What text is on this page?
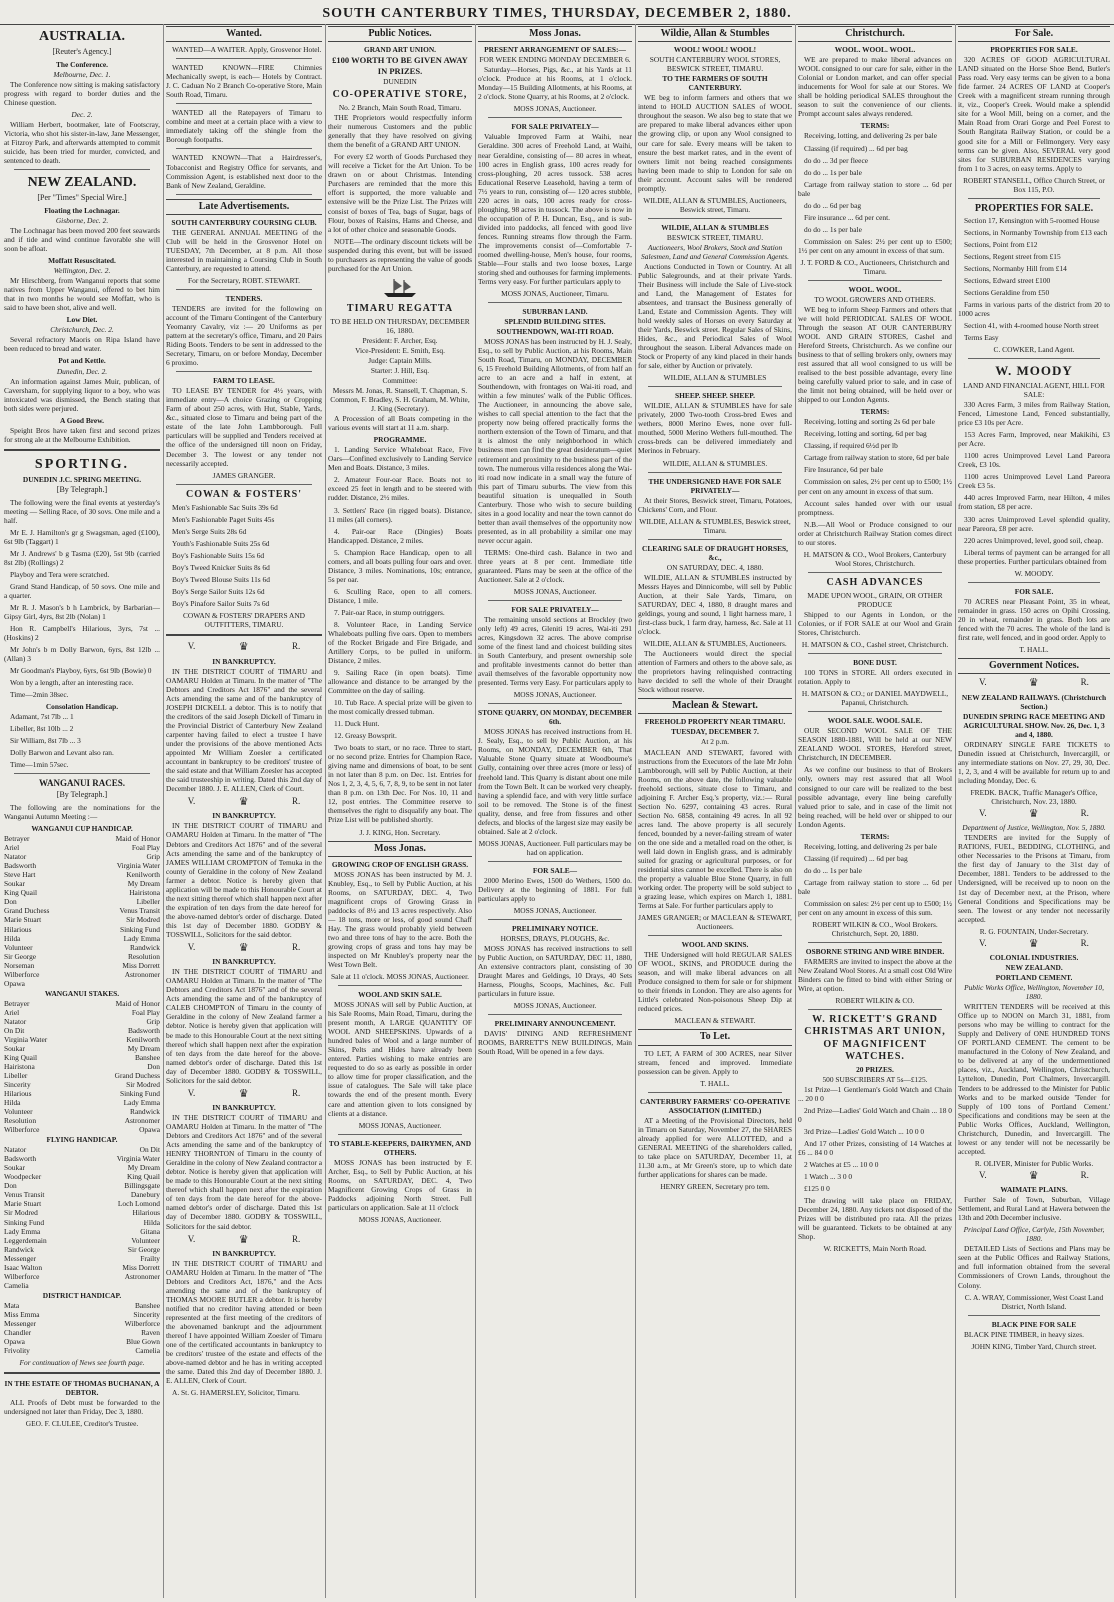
SOUTH CANTERBURY TIMES, THURSDAY, DECEMBER 2, 1880.
AUSTRALIA.
[Reuter's Agency.]
The Conference.
Melbourne, Dec. 1.
The Conference now sitting is making satisfactory progress with regard to border duties and the Chinese question.
Dec. 2.
William Herbert, bootmaker, late of Footscray, Victoria, who shot his sister-in-law, Jane Messenger, at Fitzroy Park, and afterwards attempted to commit suicide, has been tried for murder, convicted, and sentenced to death.
NEW ZEALAND.
[Per "Times" Special Wire.]
Floating the Lochnagar.
Gisborne, Dec. 2.
The Lochnagar has been moved 200 feet seawards and if tide and wind continue favorable she will soon be afloat.
Moffatt Resuscitated.
Wellington, Dec. 2.
Mr Hirschberg, from Wanganui reports that some natives from Upper Wanganui, offered to bet him that in two months he would see Moffatt, who is said to have been shot, alive and well.
Low Diet.
Christchurch, Dec. 2.
Several refractory Maoris on Ripa Island have been reduced to bread and water.
Pot and Kettle.
Dunedin, Dec. 2.
An information against James Muir, publican, of Caversham, for supplying liquor to a boy, who was intoxicated was dismissed, the Bench stating that both sides were perjured.
A Good Brew.
Speight Bros have taken first and second prizes for strong ale at the Melbourne Exhibition.
SPORTING.
DUNEDIN J.C. SPRING MEETING.
[By Telegraph.]
The following were the final events at yesterday's meeting — Selling Race, of 30 sovs. One mile and a half.
Mr E. J. Hamilton's gr g Swagsman, aged (£100), 6st 9lb (Taggart) 1
Mr J. Andrews' b g Tasma (£20), 5st 9lb (carried 8st 2lb) (Rollings) 2
Playboy and Tera were scratched.
Grand Stand Handicap, of 50 sovs. One mile and a quarter.
Mr R. J. Mason's b h Lambrick, by Barbarian—Gipsy Girl, 4yrs, 8st 2lb (Nolan) 1
Hon R. Campbell's Hilarious, 3yrs, 7st ... (Hoskins) 2
Mr John's b m Dolly Barwon, 6yrs, 8st 12lb ... (Allan) 3
Mr Goodman's Playboy, 6yrs, 6st 9lb (Bowie) 0
Won by a length, after an interesting race.
Time—2min 38sec.
Consolation Handicap.
Adamant, 7st 7lb ... 1
Libeller, 8st 10lb ... 2
Sir William, 8st 7lb ... 3
Dolly Barwon and Levant also ran.
Time—1min 57sec.
WANGANUI RACES.
[By Telegraph.]
The following are the nominations for the Wanganui Autumn Meeting :—
WANGANUI CUP HANDICAP.
Betrayer	Maid of Honor
Ariel	Foal Play
Natator	Grip
Badsworth	Virginia Water
Steve Hart	Kenilworth
Soukar	My Dream
King Quail	Hairistona
Don	Libeller
Grand Duchess	Venus Transit
Marie Stuart	Sir Modred
Hilarious	Sinking Fund
Hilda	Lady Emma
Volunteer	Randwick
Sir George	Resolution
Norseman	Miss Dorrett
Wilberforce	Astronomer
Opawa
WANGANUI STAKES.
Betrayer	Maid of Honor
Ariel	Foal Play
Natator	Grip
On Dit	Badsworth
Virginia Water	Kenilworth
Soukar	My Dream
King Quail	Banshee
Hairistona	Don
Libeller	Grand Duchess
Sincerity	Sir Modred
Hilarious	Sinking Fund
Hilda	Lady Emma
Volunteer	Randwick
Resolution	Astronomer
Wilberforce	Opawa
FLYING HANDICAP.
Natator	On Dit
Badsworth	Virginia Water
Soukar	My Dream
Woodpecker	King Quail
Don	Billingsgate
Venus Transit	Danebury
Marie Stuart	Loch Lomond
Sir Modred	Hilarious
Sinking Fund	Hilda
Lady Emma	Gitana
Leggerdemain	Volunteer
Randwick	Sir George
Messenger	Frailty
Isaac Walton	Miss Dorrett
Wilberforce	Astronomer
Camelia
DISTRICT HANDICAP.
Mata	Banshee
Miss Emma	Sincerity
Messenger	Wilberforce
Chandler	Raven
Opawa	Blue Gown
Frivolity	Camelia
For continuation of News see fourth page.
IN THE ESTATE OF THOMAS BUCHANAN, A DEBTOR.
ALL Proofs of Debt must be forwarded to the undersigned not later than Friday, Dec 3, 1880.
GEO. F. CLULEE, Creditor's Trustee.
Wanted.
WANTED—A WAITER. Apply, Grosvenor Hotel.
WANTED KNOWN—FIRE Chimnies Mechanically swept, is each— Hotels by Contract. J. C. Caduan No 2 Branch Co-operative Store, Main South Road, Timaru.
WANTED all the Ratepayers of Timaru to combine and meet at a certain place with a view to immediately taking off the shingle from the Borough footpaths.
WANTED KNOWN—That a Hairdresser's, Tobacconist and Registry Office for servants, and Commission Agent, is established next door to the Bank of New Zealand, Geraldine.
Late Advertisements.
SOUTH CANTERBURY COURSING CLUB.
THE GENERAL ANNUAL MEETING of the Club will be held in the Grosvenor Hotel on TUESDAY, 7th December, at 8 p.m. All those interested in maintaining a Coursing Club in South Canterbury, are requested to attend.
For the Secretary, ROBT. STEWART.
TENDERS.
TENDERS are invited for the following on account of the Timaru Contingent of the Canterbury Yeomanry Cavalry, viz :— 20 Uniforms as per pattern at the secretary's office, Timaru, and 20 Pairs Riding Boots. Tenders to be sent in addressed to the Secretary, Timaru, on or before Monday, December 6 proximo.
FARM TO LEASE.
TO LEASE BY TENDER for 4½ years, with immediate entry—A choice Grazing or Cropping Farm of about 250 acres, with Hut, Stable, Yards, &c., situated close to Timaru and being part of the estate of the late John Lambborough. Full particulars will be supplied and Tenders received at the office of the undersigned till noon on Friday, December 3. The lowest or any tender not necessarily accepted.
JAMES GRANGER.
COWAN & FOSTERS'
Men's Fashionable Sac Suits 39s 6d
Men's Fashionable Paget Suits 45s
Men's Serge Suits 28s 6d
Youth's Fashionable Suits 25s 6d
Boy's Fashionable Suits 15s 6d
Boy's Tweed Knicker Suits 8s 6d
Boy's Tweed Blouse Suits 11s 6d
Boy's Serge Sailor Suits 12s 6d
Boy's Pinafore Sailor Suits 7s 6d
COWAN & FOSTERS' DRAPERS AND OUTFITTERS, TIMARU.
V.	♛	R.
IN BANKRUPTCY.
IN THE DISTRICT COURT of TIMARU and OAMARU Holden at Timaru. In the matter of "The Debtors and Creditors Act 1876" and the several Acts amending the same and of the bankruptcy of JOSEPH DICKELL a debtor. This is to notify that the creditors of the said Joseph Dickell of Timaru in the Provincial District of Canterbury New Zealand carpenter having failed to elect a trustee I have under the provisions of the above mentioned Acts appointed Mr William Zoesler a certificated accountant in bankruptcy to be creditors' trustee of the said estate and that William Zoesler has accepted the said trusteeship in writing. Dated this 2nd day of December 1880. J. E. ALLEN, Clerk of Court.
V.	♛	R.
IN BANKRUPTCY.
IN THE DISTRICT COURT of TIMARU and OAMARU Holden at Timaru. In the matter of "The Debtors and Creditors Act 1876" and of the several Acts amending the same and of the bankruptcy of JAMES WILLIAM CROMPTON of Temuka in the county of Geraldine in the colony of New Zealand farmer a debtor. Notice is hereby given that application will be made to this Honourable Court at the next sitting thereof which shall happen next after the expiration of ten days from the date hereof for the above-named debtor's order of discharge. Dated this 1st day of December 1880. GODBY & TOSSWILL, Solicitors for the said debtor.
V.	♛	R.
IN BANKRUPTCY.
IN THE DISTRICT COURT of TIMARU and OAMARU Holden at Timaru. In the matter of "The Debtors and Creditors Act 1876" and of the several Acts amending the same and of the bankruptcy of CALEB CHOMPTON of Timaru in the county of Geraldine in the colony of New Zealand farmer a debtor. Notice is hereby given that application will be made to this Honourable Court at the next sitting thereof which shall happen next after the expiration of ten days from the date hereof for the above-named debtor's order of discharge. Dated this 1st day of December 1880. GODBY & TOSSWILL, Solicitors for the said debtor.
V.	♛	R.
IN BANKRUPTCY.
IN THE DISTRICT COURT of TIMARU and OAMARU Holden at Timaru. In the matter of "The Debtors and Creditors Act 1876" and of the several Acts amending the same and of the bankruptcy of HENRY THORNTON of Timaru in the county of Geraldine in the colony of New Zealand contractor a debtor. Notice is hereby given that application will be made to this Honourable Court at the next sitting thereof which shall happen next after the expiration of ten days from the date hereof for the above-named debtor's order of discharge. Dated this 1st day of December 1880. GODBY & TOSSWILL, Solicitors for the said debtor.
V.	♛	R.
IN BANKRUPTCY.
IN THE DISTRICT COURT of TIMARU and OAMARU Holden at Timaru. In the matter of "The Debtors and Creditors Act, 1876," and the Acts amending the same and of the bankruptcy of THOMAS MOORE BUTLER a debtor. It is hereby notified that no creditor having attended or been represented at the first meeting of the creditors of the abovenamed bankrupt and the adjournment thereof I have appointed William Zoesler of Timaru one of the certificated accountants in bankruptcy to be creditors' trustee of the estate and effects of the above-named debtor and he has in writing accepted the same. Dated this 2nd day of December 1880. J. E. ALLEN, Clerk of Court.
A. St. G. HAMERSLEY, Solicitor, Timaru.
Public Notices.
GRAND ART UNION.
£100 WORTH TO BE GIVEN AWAY IN PRIZES.
DUNEDIN
CO-OPERATIVE STORE,
No. 2 Branch, Main South Road, Timaru.
THE Proprietors would respectfully inform their numerous Customers and the public generally that they have resolved on giving them the benefit of a GRAND ART UNION.
For every £2 worth of Goods Purchased they will receive a Ticket for the Art Union. To be drawn on or about Christmas. Intending Purchasers are reminded that the more this effort is supported, the more valuable and extensive will be the Prize List. The Prizes will consist of boxes of Tea, bags of Sugar, bags of Flour, boxes of Raisins, Hams and Cheese, and a lot of other choice and seasonable Goods.
NOTE—The ordinary discount tickets will be suspended during this event, but will be issued to purchasers as representing the value of goods purchased for the Art Union.
TIMARU REGATTA
TO BE HELD ON THURSDAY, DECEMBER 16, 1880.
President: F. Archer, Esq.
Vice-President: E. Smith, Esq.
Judge: Captain Mills.
Starter: J. Hill, Esq.
Committee:
Messrs M. Jonas, R. Stansell, T. Chapman, S. Common, F. Bradley, S. H. Graham, M. White, J. King (Secretary).
A Procession of all Boats competing in the various events will start at 11 a.m. sharp.
PROGRAMME.
1. Landing Service Whaleboat Race, Five Oars—Confined exclusively to Landing Service Men and Boats. Distance, 3 miles.
2. Amateur Four-oar Race. Boats not to exceed 25 feet in length and to be steered with rudder. Distance, 2½ miles.
3. Settlers' Race (in rigged boats). Distance, 11 miles (all corners).
4. Pair-oar Race (Dingies) Boats Handicapped. Distance, 2 miles.
5. Champion Race Handicap, open to all comers, and all boats pulling four oars and over. Distance, 3 miles. Nominations, 10s; entrance, 5s per oar.
6. Sculling Race, open to all comers. Distance, 1 mile.
7. Pair-oar Race, in stump outriggers.
8. Volunteer Race, in Landing Service Whaleboats pulling five oars. Open to members of the Rocket Brigade and Fire Brigade, and Artillery Corps, to be pulled in uniform. Distance, 2 miles.
9. Sailing Race (in open boats). Time allowance and distance to be arranged by the Committee on the day of sailing.
10. Tub Race. A special prize will be given to the most comically dressed tubman.
11. Duck Hunt.
12. Greasy Bowsprit.
Two boats to start, or no race. Three to start, or no second prize. Entries for Champion Race, giving name and dimensions of boat, to be sent in not later than 8 p.m. on Dec. 1st. Entries for Nos 1, 2, 3, 4, 5, 6, 7, 8, 9, to be sent in not later than 8 p.m. on 13th Dec. For Nos. 10, 11 and 12, post entries. The Committee reserve to themselves the right to disqualify any boat. The Prize List will be published shortly.
J. J. KING, Hon. Secretary.
Moss Jonas.
GROWING CROP OF ENGLISH GRASS.
MOSS JONAS has been instructed by M. J. Knubley, Esq., to Sell by Public Auction, at his Rooms, on SATURDAY, DEC. 4, Two magnificent crops of Growing Grass in paddocks of 8½ and 13 acres respectively. Also— 18 tons, more or less, of good sound Chaff Hay. The grass would probably yield between two and three tons of hay to the acre. Both the growing crops of grass and tons hay may be inspected on Mr Knubley's property near the West Town Belt.
Sale at 11 o'clock. MOSS JONAS, Auctioneer.
WOOL AND SKIN SALE.
MOSS JONAS will sell by Public Auction, at his Sale Rooms, Main Road, Timaru, during the present month, A LARGE QUANTITY OF WOOL AND SHEEPSKINS. Upwards of a hundred bales of Wool and a large number of Skins, Pelts and Hides have already been entered. Parties wishing to make entries are requested to do so as early as possible in order to allow time for proper classification, and the issue of catalogues. The Sale will take place towards the end of the present month. Every care and attention given to lots consigned by clients at a distance.
MOSS JONAS, Auctioneer.
TO STABLE-KEEPERS, DAIRYMEN, AND OTHERS.
MOSS JONAS has been instructed by F. Archer, Esq., to Sell by Public Auction, at his Rooms, on SATURDAY, DEC. 4, Two Magnificent Growing Crops of Grass in Paddocks adjoining North Street. Full particulars on application. Sale at 11 o'clock
MOSS JONAS, Auctioneer.
Moss Jonas.
PRESENT ARRANGEMENT OF SALES:—
FOR WEEK ENDING MONDAY DECEMBER 6.
Saturday—Horses, Pigs, &c., at his Yards at 11 o'clock. Produce at his Rooms, at 1 o'clock. Monday—15 Building Allotments, at his Rooms, at 2 o'clock. Stone Quarry, at his Rooms, at 2 o'clock.
MOSS JONAS, Auctioneer.
FOR SALE PRIVATELY—
Valuable Improved Farm at Waihi, near Geraldine. 300 acres of Freehold Land, at Waihi, near Geraldine, consisting of— 80 acres in wheat, 100 acres in English grass, 100 acres ready for cross-ploughing, 20 acres tussock. 538 acres Educational Reserve Leasehold, having a term of 7½ years to run, consisting of— 120 acres stubble, 220 acres in oats, 100 acres ready for cross-ploughing, 98 acres in tussock. The above is now in the occupation of P. H. Duncan, Esq., and is sub-divided into paddocks, all fenced with good live fences. Running streams flow through the Farm. The improvements consist of—Comfortable 7-roomed dwelling-house, Men's house, four rooms, Stable—Four stalls and two loose boxes, Large storing shed and outhouses for farming implements. Terms very easy. For further particulars apply to
MOSS JONAS, Auctioneer, Timaru.
SUBURBAN LAND.
SPLENDID BUILDING SITES.
SOUTHENDOWN, WAI-ITI ROAD.
MOSS JONAS has been instructed by H. J. Sealy, Esq., to sell by Public Auction, at his Rooms, Main South Road, Timaru, on MONDAY, DECEMBER 6, 15 Freehold Building Allotments, of from half an acre to an acre and a half in extent, at Southendown, with frontages on Wai-iti road, and within a few minutes' walk of the Public Offices. The Auctioneer, in announcing the above sale, wishes to call special attention to the fact that the property now being offered practically forms the northern extension of the Town of Timaru, and that it is almost the only neighborhood in which business men can find the great desideratum—quiet retirement and proximity to the business part of the town. The numerous villa residences along the Wai-iti road now indicate in a small way the future of this part of Timaru suburbs. The view from this beautiful situation is unequalled in South Canterbury. Those who wish to secure building sites in a good locality and near the town cannot do better than avail themselves of the opportunity now presented, as in all probability a similar one may never occur again.
TERMS: One-third cash. Balance in two and three years at 8 per cent. Immediate title guaranteed. Plans may be seen at the office of the Auctioneer. Sale at 2 o'clock.
MOSS JONAS, Auctioneer.
FOR SALE PRIVATELY—
The remaining unsold sections at Brockley (two only left) 49 acres, Gleniti 19 acres, Wai-iti 291 acres, Kingsdown 32 acres. The above comprise some of the finest land and choicest building sites in South Canterbury, and present ownership sole and profitable investments cannot do better than avail themselves of the favorable opportunity now presented. Terms very Easy. For particulars apply to
MOSS JONAS, Auctioneer.
STONE QUARRY, ON MONDAY, DECEMBER 6th.
MOSS JONAS has received instructions from H. J. Sealy, Esq., to sell by Public Auction, at his Rooms, on MONDAY, DECEMBER 6th, That Valuable Stone Quarry situate at Woodbourne's Gully, containing over three acres (more or less) of freehold land. This Quarry is distant about one mile from the Town Belt. It can be worked very cheaply, having a splendid face, and with very little surface soil to be removed. The Stone is of the finest quality, dense, and free from fissures and other defects, and blocks of the largest size may easily be obtained. Sale at 2 o'clock.
MOSS JONAS, Auctioneer. Full particulars may be had on application.
FOR SALE—
2000 Merino Ewes, 1500 do Wethers, 1500 do. Delivery at the beginning of 1881. For full particulars apply to
MOSS JONAS, Auctioneer.
PRELIMINARY NOTICE.
HORSES, DRAYS, PLOUGHS, &c.
MOSS JONAS has received instructions to sell by Public Auction, on SATURDAY, DEC 11, 1880, An extensive contractors plant, consisting of 30 Draught Mares and Geldings, 10 Drays, 40 Sets Harness, Ploughs, Scoops, Machines, &c. Full particulars in future issue.
MOSS JONAS, Auctioneer.
PRELIMINARY ANNOUNCEMENT.
DAVIS' DINING AND REFRESHMENT ROOMS, BARRETT'S NEW BUILDINGS, Main South Road, Will be opened in a few days.
Wildie, Allan & Stumbles
WOOL! WOOL! WOOL!
SOUTH CANTERBURY WOOL STORES, BESWICK STREET, TIMARU.
TO THE FARMERS OF SOUTH CANTERBURY.
WE beg to inform farmers and others that we intend to HOLD AUCTION SALES of WOOL throughout the season. We also beg to state that we are prepared to make liberal advances either upon the growing clip, or upon any Wool consigned to our care for sale. Every means will be taken to ensure the best market rates, and in the event of owners limit not being reached consignments having been made to ship to London for sale on their account. Account sales will be rendered promptly.
WILDIE, ALLAN & STUMBLES, Auctioneers, Beswick street, Timaru.
WILDIE, ALLAN & STUMBLES
BESWICK STREET, TIMARU.
Auctioneers, Wool Brokers, Stock and Station Salesmen, Land and General Commission Agents.
Auctions Conducted in Town or Country. At all Public Salegrounds, and at their private Yards. Their Business will include the Sale of Live-stock and Land, the Management of Estates for absentees, and transact the Business generally of Land, Estate and Commission Agents. They will hold weekly sales of Horses on every Saturday at their Yards, Beswick street. Regular Sales of Skins, Hides, &c., and Periodical Sales of Wool throughout the season. Liberal Advances made on Stock or Property of any kind placed in their hands for sale, either by Auction or privately.
WILDIE, ALLAN & STUMBLES
SHEEP. SHEEP. SHEEP.
WILDIE, ALLAN & STUMBLES have for sale privately, 2000 Two-tooth Cross-bred Ewes and wethers, 8000 Merino Ewes, none over full-mouthed, 5000 Merino Wethers full-mouthed. The cross-breds can be delivered immediately and Merinos in February.
WILDIE, ALLAN & STUMBLES.
THE UNDERSIGNED HAVE FOR SALE PRIVATELY—
At their Stores, Beswick street, Timaru, Potatoes, Chickens' Corn, and Flour.
WILDIE, ALLAN & STUMBLES, Beswick street, Timaru.
CLEARING SALE OF DRAUGHT HORSES, &c.,
ON SATURDAY, DEC. 4, 1880.
WILDIE, ALLAN & STUMBLES instructed by Messrs Hayes and Dinnicombe, will sell by Public Auction, at their Sale Yards, Timaru, on SATURDAY, DEC 4, 1880, 8 draught mares and geldings, young and sound, 1 light harness mare, 1 first-class buck, 1 farm dray, harness, &c. Sale at 11 o'clock.
WILDIE, ALLAN & STUMBLES, Auctioneers.
The Auctioneers would direct the special attention of Farmers and others to the above sale, as the proprietors having relinquished contracting have decided to sell the whole of their Draught Stock without reserve.
Maclean & Stewart.
FREEHOLD PROPERTY NEAR TIMARU.
TUESDAY, DECEMBER 7.
At 2 p.m.
MACLEAN AND STEWART, favored with instructions from the Executors of the late Mr John Lambborough, will sell by Public Auction, at their Rooms, on the above date, the following valuable freehold sections, situate close to Timaru, and adjoining F. Archer Esq.'s property, viz.:— Rural Section No. 6297, containing 43 acres. Rural Section No. 6858, containing 49 acres. In all 92 acres land. The above property is all securely fenced, bounded by a never-failing stream of water on the one side and a metalled road on the other, is well laid down in English grass, and is admirably suited for grazing or agricultural purposes, or for residential sites cannot be excelled. There is also on the property a valuable Blue Stone Quarry, in full working order. The property will be sold subject to a grazing lease, which expires on March 1, 1881. Terms at Sale. For further particulars apply to
JAMES GRANGER; or MACLEAN & STEWART, Auctioneers.
WOOL AND SKINS.
THE Undersigned will hold REGULAR SALES OF WOOL, SKINS, and PRODUCE during the season, and will make liberal advances on all Produce consigned to them for sale or for shipment to their friends in London. They are also agents for Little's celebrated Non-poisonous Sheep Dip at reduced prices.
MACLEAN & STEWART.
To Let.
TO LET, A FARM of 300 ACRES, near Silver stream, fenced and improved. Immediate possession can be given. Apply to
T. HALL.
CANTERBURY FARMERS' CO-OPERATIVE ASSOCIATION (LIMITED.)
AT a Meeting of the Provisional Directors, held in Timaru on Saturday, November 27, the SHARES already applied for were ALLOTTED, and a GENERAL MEETING of the shareholders called, to take place on SATURDAY, December 11, at 11.30 a.m., at Mr Green's store, up to which date further applications for shares can be made.
HENRY GREEN, Secretary pro tem.
Christchurch.
WOOL. WOOL. WOOL.
WE are prepared to make liberal advances on WOOL consigned to our care for sale, either in the Colonial or London market, and can offer special inducements for Wool for sale at our Stores. We shall be holding periodical SALES throughout the season to suit the convenience of our clients. Prompt account sales always rendered.
TERMS:
Receiving, lotting, and delivering 2s per bale
Classing (if required) ... 6d per bag
do do ... 3d per fleece
do do ... 1s per bale
Cartage from railway station to store ... 6d per bale
do do ... 6d per bag
Fire insurance ... 6d per cent.
do do ... 1s per bale
Commission on Sales: 2½ per cent up to £500; 1½ per cent on any amount in excess of that sum.
J. T. FORD & CO., Auctioneers, Christchurch and Timaru.
WOOL. WOOL.
TO WOOL GROWERS AND OTHERS.
WE beg to inform Sheep Farmers and others that we will hold PERIODICAL SALES OF WOOL Through the season AT OUR CANTERBURY WOOL AND GRAIN STORES, Cashel and Hereford Streets, Christchurch. As we confine our business to that of selling brokers only, owners may rest assured that all wool consigned to us will be realised to the best possible advantage, every line being carefully valued prior to sale, and in case of the limit not being obtained, will be held over or shipped to our London Agents.
TERMS:
Receiving, lotting and sorting 2s 6d per bale
Receiving, lotting and sorting, 6d per bag
Classing, if required 6½d per lb
Cartage from railway station to store, 6d per bale
Fire Insurance, 6d per bale
Commission on sales, 2½ per cent up to £500; 1½ per cent on any amount in excess of that sum.
Account sales handed over with our usual promptness.
N.B.—All Wool or Produce consigned to our order at Christchurch Railway Station comes direct to our stores.
H. MATSON & CO., Wool Brokers, Canterbury Wool Stores, Christchurch.
CASH ADVANCES
MADE UPON WOOL, GRAIN, OR OTHER PRODUCE
Shipped to our Agents in London, or the Colonies, or if FOR SALE at our Wool and Grain Stores, Christchurch.
H. MATSON & CO., Cashel street, Christchurch.
BONE DUST.
100 TONS in STORE. All orders executed in rotation. Apply to
H. MATSON & CO.; or DANIEL MAYDWELL, Papanui, Christchurch.
WOOL SALE. WOOL SALE.
OUR SECOND WOOL SALE OF THE SEASON 1880-1881, Will be held at our NEW ZEALAND WOOL STORES, Hereford street, Christchurch, IN DECEMBER.
As we confine our business to that of Brokers only, owners may rest assured that all Wool consigned to our care will be realized to the best possible advantage, every line being carefully valued prior to sale, and in case of the limit not being reached, will be held over or shipped to our London Agents.
TERMS:
Receiving, lotting, and delivering 2s per bale
Classing (if required) ... 6d per bag
do do ... 1s per bale
Cartage from railway station to store ... 6d per bale
Commission on sales: 2½ per cent up to £500; 1½ per cent on any amount in excess of this sum.
ROBERT WILKIN & CO., Wool Brokers. Christchurch, Sept. 20, 1880.
OSBORNE STRING AND WIRE BINDER.
FARMERS are invited to inspect the above at the New Zealand Wool Stores. At a small cost Old Wire Binders can be fitted to bind with either String or Wire, at option.
ROBERT WILKIN & CO.
W. RICKETT'S GRAND CHRISTMAS ART UNION, OF MAGNIFICENT WATCHES.
20 PRIZES.
500 SUBSCRIBERS AT 5s—£125.
1st Prize—1 Gentleman's Gold Watch and Chain ... 20 0 0
2nd Prize—Ladies' Gold Watch and Chain ... 18 0 0
3rd Prize—Ladies' Gold Watch ... 10 0 0
And 17 other Prizes, consisting of 14 Watches at £6 ... 84 0 0
2 Watches at £5 ... 10 0 0
1 Watch ... 3 0 0
£125 0 0
The drawing will take place on FRIDAY, December 24, 1880. Any tickets not disposed of the Prizes will be distributed pro rata. All the prizes will be guaranteed. Tickets to be obtained at any Shop.
W. RICKETTS, Main North Road.
For Sale.
PROPERTIES FOR SALE.
320 ACRES OF GOOD AGRICULTURAL LAND situated on the Horse Shoe Bend, Butler's Pass road. Very easy terms can be given to a bona fide farmer. 24 ACRES OF LAND at Cooper's Creek with a magnificent stream running through it, viz., Cooper's Creek. Would make a splendid site for a Wool Mill, being on a corner, and the Main Road from Orari Gorge and Peel Forest to South Rangitata Railway Station, or could be a good site for a Mill or Fellmongery. Very easy terms can be given. Also, SEVERAL very good sites for SUBURBAN RESIDENCES varying from 1 to 3 acres, on easy terms. Apply to
ROBERT STANSELL, Office Church Street, or Box 115, P.O.
PROPERTIES FOR SALE.
Section 17, Kensington with 5-roomed House
Sections, in Normanby Township from £13 each
Sections, Point from £12
Sections, Regent street from £15
Sections, Normanby Hill from £14
Sections, Edward street £100
Sections Geraldine from £50
Farms in various parts of the district from 20 to 1000 acres
Section 41, with 4-roomed house North street
Terms Easy
C. COWKER, Land Agent.
W. MOODY
LAND AND FINANCIAL AGENT, HILL FOR SALE:
330 Acres Farm, 3 miles from Railway Station, Fenced, Limestone Land, Fenced substantially, price £3 10s per Acre.
153 Acres Farm, Improved, near Makikihi, £3 per Acre.
1100 acres Unimproved Level Land Pareora Creek, £3 10s.
1100 acres Unimproved Level Land Pareora Creek £3 5s.
440 acres Improved Farm, near Hilton, 4 miles from station, £8 per acre.
330 acres Unimproved Level splendid quality, near Pareora, £8 per acre.
220 acres Unimproved, level, good soil, cheap.
Liberal terms of payment can be arranged for all these properties. Further particulars obtained from
W. MOODY.
FOR SALE.
70 ACRES near Pleasant Point, 35 in wheat, remainder in grass. 150 acres on Opihi Crossing, 20 in wheat, remainder in grass. Both lots are fenced with the 70 acres. The whole of the land is first rate, well fenced, and in good order. Apply to
T. HALL.
Government Notices.
V.	♛	R.
NEW ZEALAND RAILWAYS. (Christchurch Section.)
DUNEDIN SPRING RACE MEETING AND AGRICULTURAL SHOW. Nov. 26, Dec. 1, 3 and 4, 1880.
ORDINARY SINGLE FARE TICKETS to Dunedin issued at Christchurch, Invercargill, or any intermediate stations on Nov. 27, 29, 30, Dec. 1, 2, 3, and 4 will be available for return up to and including Monday, Dec. 6.
FREDK. BACK, Traffic Manager's Office, Christchurch, Nov. 23, 1880.
V.	♛	R.
Department of Justice, Wellington, Nov. 5, 1880.
TENDERS are invited for the Supply of RATIONS, FUEL, BEDDING, CLOTHING, and other Necessaries to the Prisons at Timaru, from the first day of January to the 31st day of December, 1881. Tenders to be addressed to the Undersigned, will be received up to noon on the 1st day of December next, at the Prison, where General Conditions and Specifications may be seen. The lowest or any tender not necessarily accepted.
R. G. FOUNTAIN, Under-Secretary.
V.	♛	R.
COLONIAL INDUSTRIES.
NEW ZEALAND.
PORTLAND CEMENT.
Public Works Office, Wellington, November 10, 1880.
WRITTEN TENDERS will be received at this Office up to NOON on March 31, 1881, from persons who may be willing to contract for the Supply and Delivery of ONE HUNDRED TONS OF PORTLAND CEMENT. The cement to be manufactured in the Colony of New Zealand, and to be delivered at any of the undermentioned places, viz., Auckland, Wellington, Christchurch, Lyttelton, Dunedin, Port Chalmers, Invercargill. Tenders to be addressed to the Minister for Public Works and to be marked outside 'Tender for Supply of 100 tons of Portland Cement.' Specifications and conditions may be seen at the Public Works Offices, Auckland, Wellington, Christchurch, Dunedin, and Invercargill. The lowest or any tender will not be necessarily be accepted.
R. OLIVER, Minister for Public Works.
V.	♛	R.
WAIMATE PLAINS.
Further Sale of Town, Suburban, Village Settlement, and Rural Land at Hawera between the 13th and 20th December inclusive.
Principal Land Office, Carlyle, 15th November, 1880.
DETAILED Lists of Sections and Plans may be seen at the Public Offices and Railway Stations, and full information obtained from the several Commissioners of Crown Lands, throughout the Colony.
C. A. WRAY, Commissioner, West Coast Land District, North Island.
BLACK PINE FOR SALE
BLACK PINE TIMBER, in heavy sizes.
JOHN KING, Timber Yard, Church street.
